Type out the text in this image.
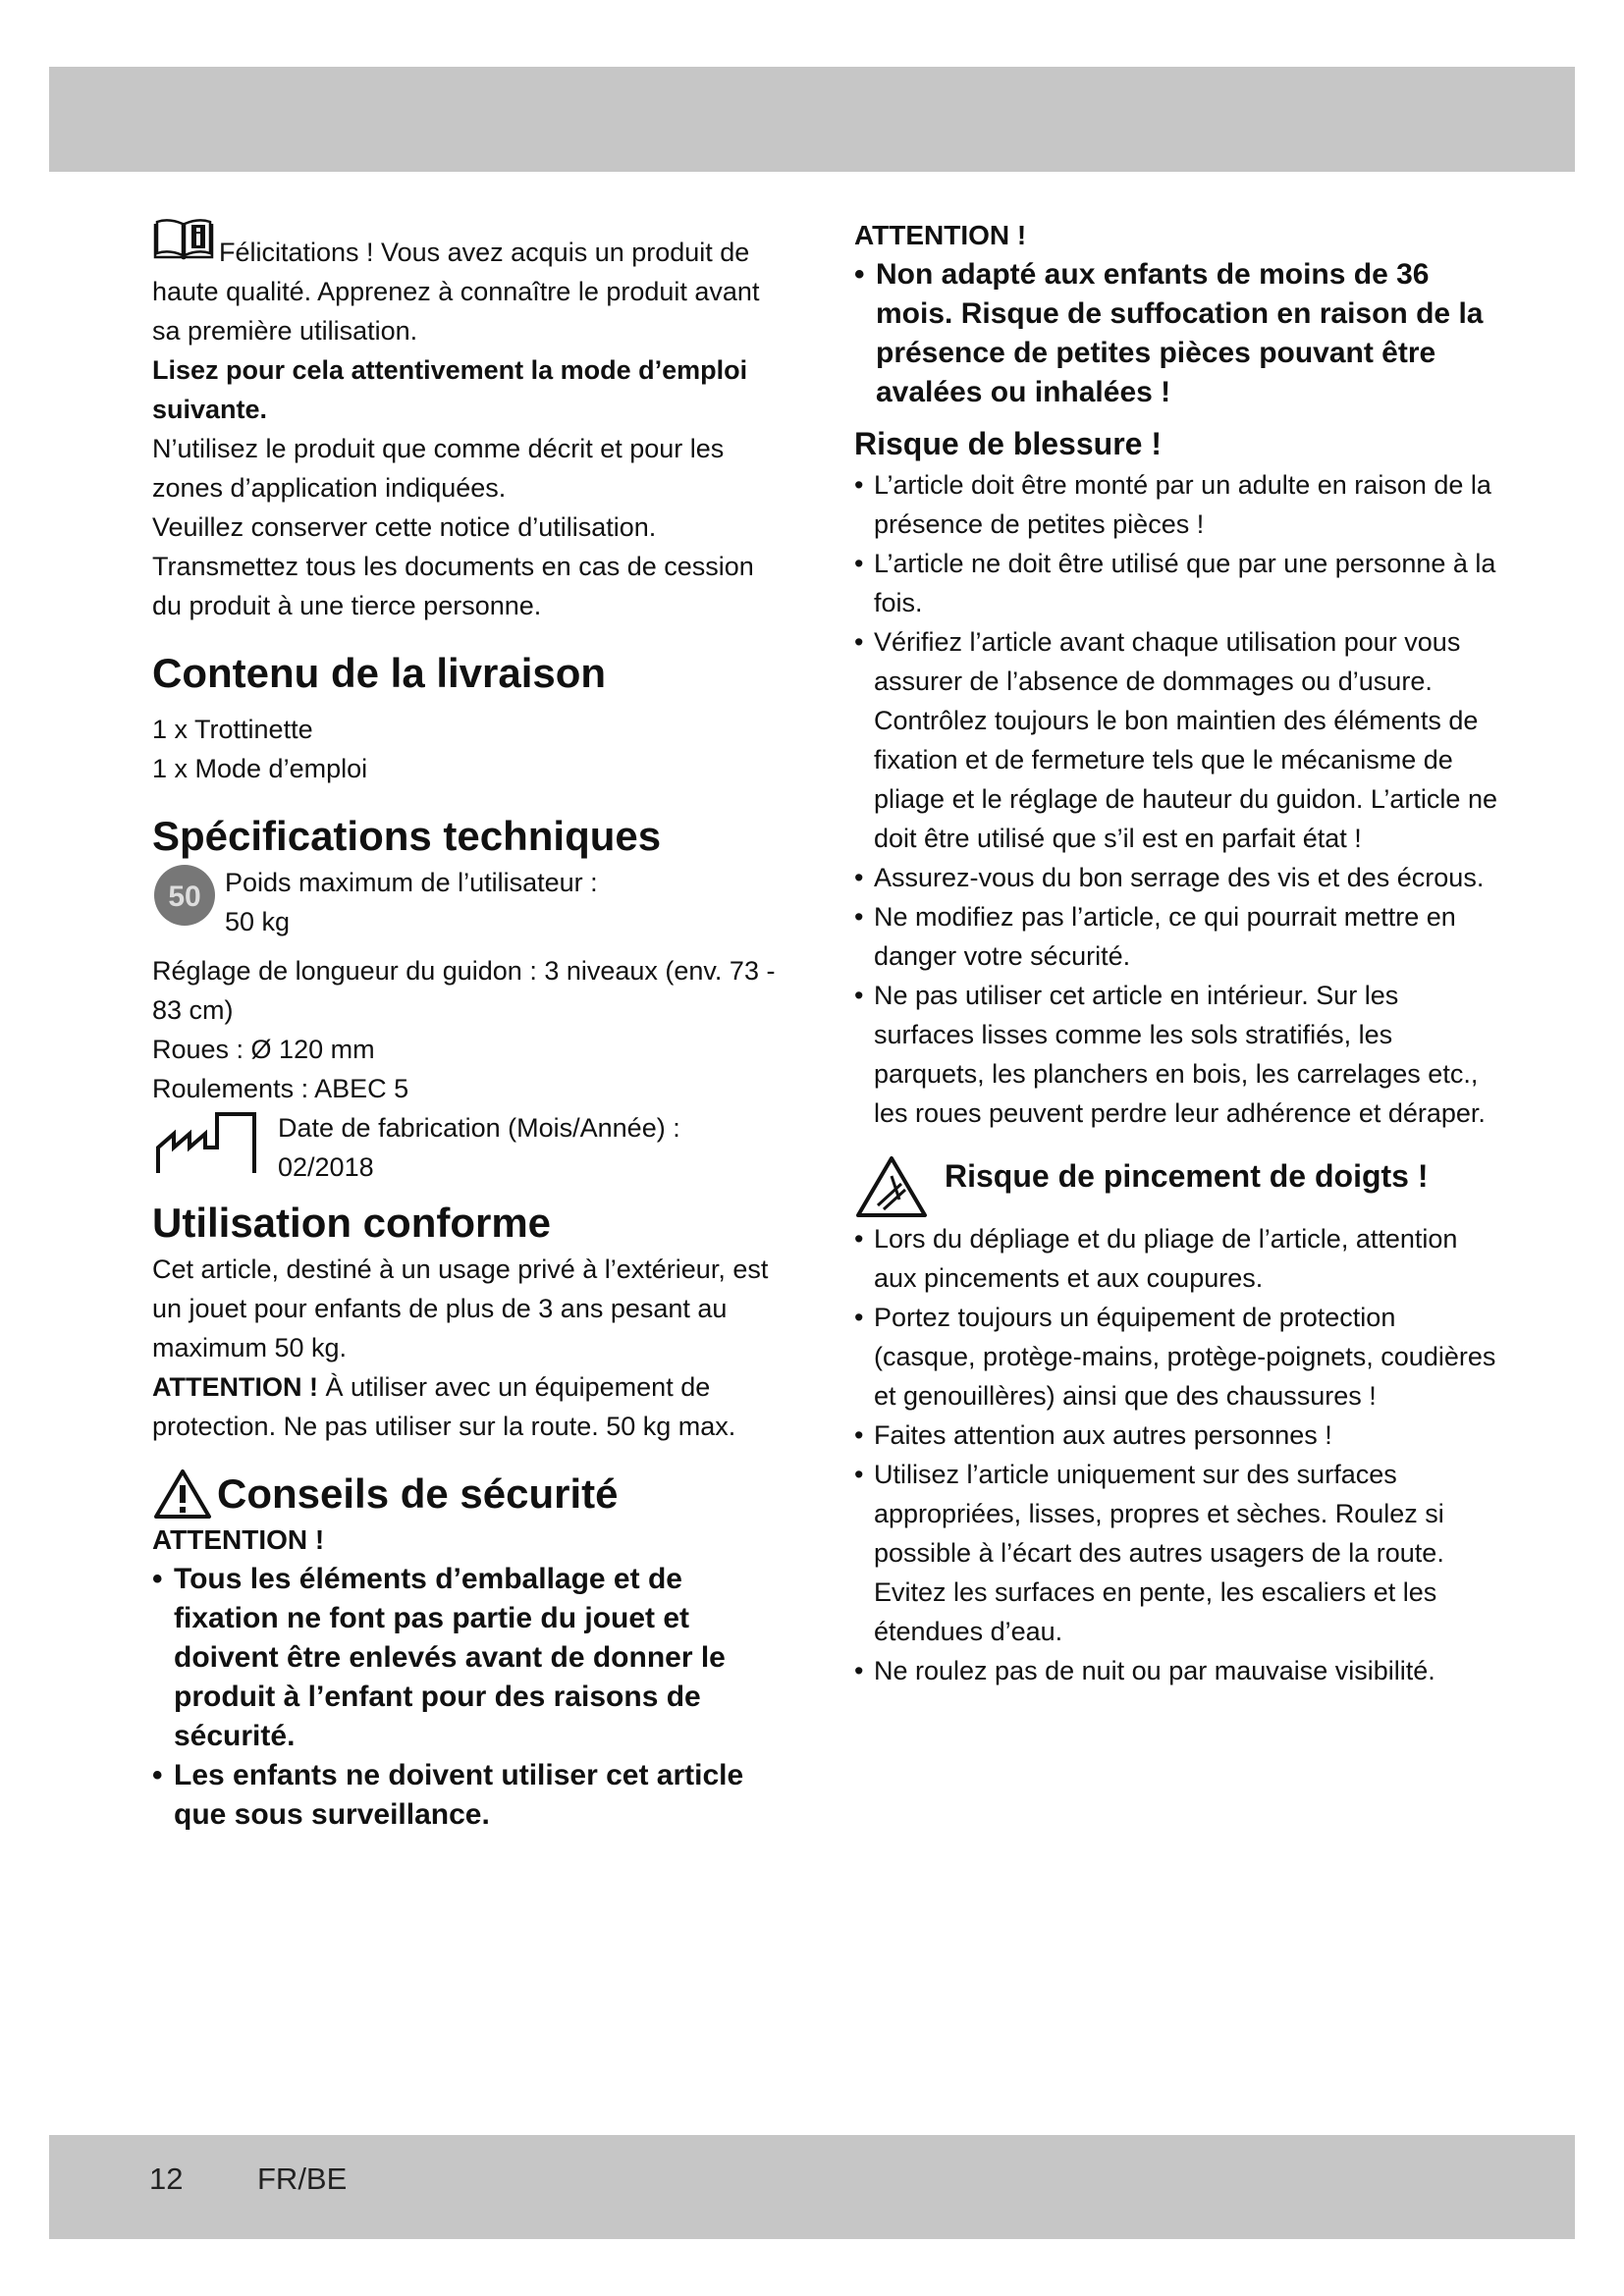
Félicitations ! Vous avez acquis un produit de haute qualité. Apprenez à connaître le produit avant sa première utilisation.

Lisez pour cela attentivement la mode d’emploi suivante.

N’utilisez le produit que comme décrit et pour les zones d’application indiquées.

Veuillez conserver cette notice d’utilisation.

Transmettez tous les documents en cas de cession du produit à une tierce personne.

Contenu de la livraison

1 x Trottinette

1 x Mode d’emploi

Spécifications techniques
50 Poids maximum de l’utilisateur :

50 kg

Réglage de longueur du guidon : 3 niveaux (env. 73 - 83 cm)

Roues : Ø 120 mm

Roulements : ABEC 5

Date de fabrication (Mois/Année) :

02/2018

Utilisation conforme

Cet article, destiné à un usage privé à l’extérieur, est un jouet pour enfants de plus de 3 ans pesant au maximum 50 kg.

ATTENTION ! À utiliser avec un équipement de protection. Ne pas utiliser sur la route. 50 kg max.

Conseils de sécurité

ATTENTION !

• Tous les éléments d’emballage et de fixation ne font pas partie du jouet et doivent être enlevés avant de donner le produit à l’enfant pour des raisons de sécurité.
• Les enfants ne doivent utiliser cet article que sous surveillance.

ATTENTION !

• Non adapté aux enfants de moins de 36 mois. Risque de suffocation en raison de la présence de petites pièces pouvant être avalées ou inhalées !
Risque de blessure !
• L’article doit être monté par un adulte en raison de la présence de petites pièces !
• L’article ne doit être utilisé que par une personne à la fois.
• Vérifiez l’article avant chaque utilisation pour vous assurer de l’absence de dommages ou d’usure. Contrôlez toujours le bon maintien des éléments de fixation et de fermeture tels que le mécanisme de pliage et le réglage de hauteur du guidon. L’article ne doit être utilisé que s’il est en parfait état !
• Assurez-vous du bon serrage des vis et des écrous.
• Ne modifiez pas l’article, ce qui pourrait mettre en danger votre sécurité.
• Ne pas utiliser cet article en intérieur. Sur les surfaces lisses comme les sols stratifiés, les parquets, les planchers en bois, les carrelages etc., les roues peuvent perdre leur adhérence et déraper.
Risque de pincement de doigts !
• Lors du dépliage et du pliage de l’article, attention aux pincements et aux coupures.
• Portez toujours un équipement de protection (casque, protège-mains, protège-poignets, coudières et genouillères) ainsi que des chaussures !
• Faites attention aux autres personnes !
• Utilisez l’article uniquement sur des surfaces appropriées, lisses, propres et sèches. Roulez si possible à l’écart des autres usagers de la route. Evitez les surfaces en pente, les escaliers et les étendues d’eau.
• Ne roulez pas de nuit ou par mauvaise visibilité.
12 FR/BE
